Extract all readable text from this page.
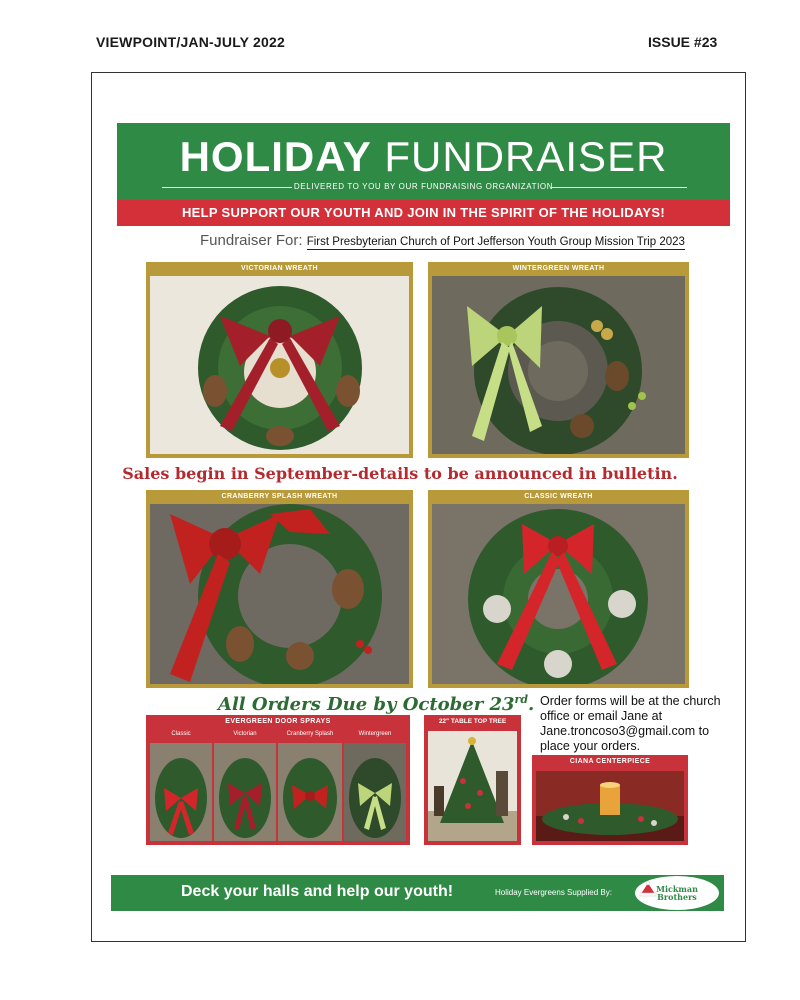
VIEWPOINT/JAN-JULY 2022	ISSUE #23
HOLIDAY FUNDRAISER
DELIVERED TO YOU BY OUR FUNDRAISING ORGANIZATION
HELP SUPPORT OUR YOUTH AND JOIN IN THE SPIRIT OF THE HOLIDAYS!
Fundraiser For: First Presbyterian Church of Port Jefferson Youth Group Mission Trip 2023
VICTORIAN WREATH	WINTERGREEN WREATH
Sales begin in September-details to be announced in bulletin.
CRANBERRY SPLASH WREATH	CLASSIC WREATH
All Orders Due by October 23rd. Order forms will be at the church office or email Jane at Jane.troncoso3@gmail.com to place your orders.
EVERGREEN DOOR SPRAYS
Classic	Victorian	Cranberry Splash	Wintergreen
22" TABLE TOP TREE
CIANA CENTERPIECE
Deck your halls and help our youth!	Holiday Evergreens Supplied By:	Mickman
Brothers
